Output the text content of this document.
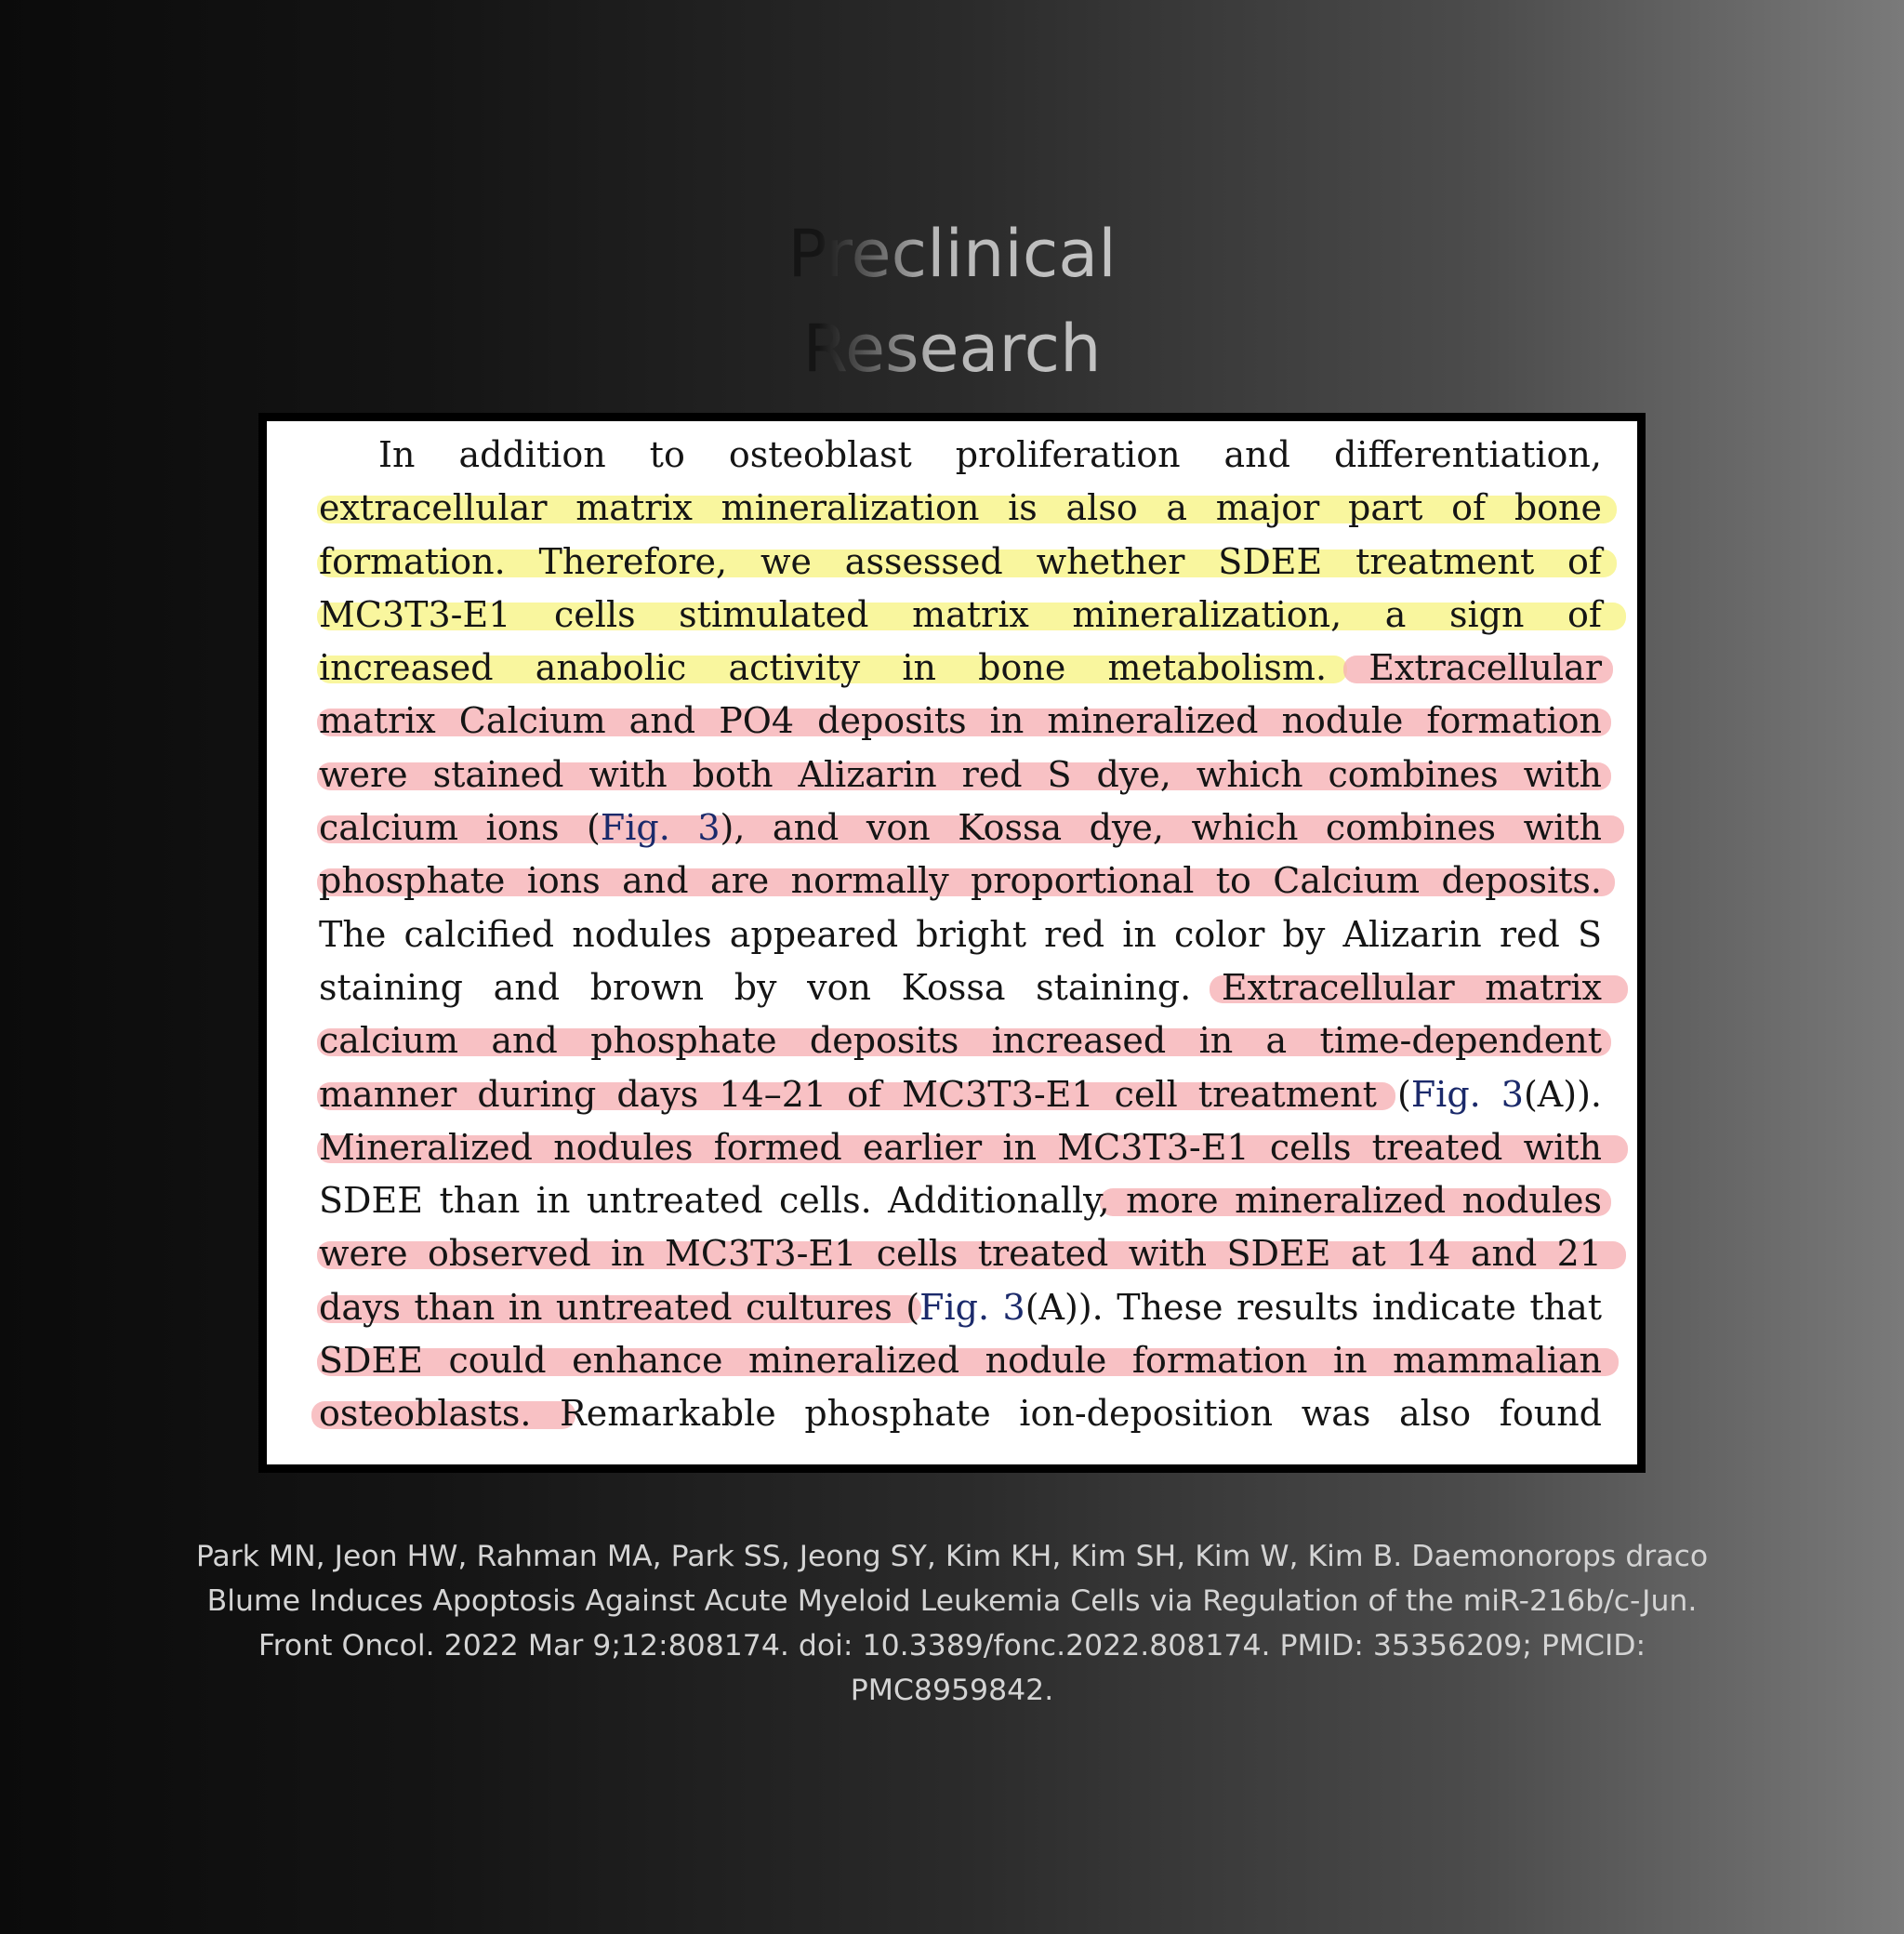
Preclinical
Research
In addition to osteoblast proliferation and differentiation,
extracellular matrix mineralization is also a major part of bone
formation. Therefore, we assessed whether SDEE treatment of
MC3T3-E1 cells stimulated matrix mineralization, a sign of
increased anabolic activity in bone metabolism. Extracellular
matrix Calcium and PO4 deposits in mineralized nodule formation
were stained with both Alizarin red S dye, which combines with
calcium ions (Fig. 3), and von Kossa dye, which combines with
phosphate ions and are normally proportional to Calcium deposits.
The calcified nodules appeared bright red in color by Alizarin red S
staining and brown by von Kossa staining. Extracellular matrix
calcium and phosphate deposits increased in a time-dependent
manner during days 14–21 of MC3T3-E1 cell treatment (Fig. 3(A)).
Mineralized nodules formed earlier in MC3T3-E1 cells treated with
SDEE than in untreated cells. Additionally, more mineralized nodules
were observed in MC3T3-E1 cells treated with SDEE at 14 and 21
days than in untreated cultures (Fig. 3(A)). These results indicate that
SDEE could enhance mineralized nodule formation in mammalian
osteoblasts. Remarkable phosphate ion-deposition was also found

Park MN, Jeon HW, Rahman MA, Park SS, Jeong SY, Kim KH, Kim SH, Kim W, Kim B. Daemonorops draco
Blume Induces Apoptosis Against Acute Myeloid Leukemia Cells via Regulation of the miR-216b/c-Jun.
Front Oncol. 2022 Mar 9;12:808174. doi: 10.3389/fonc.2022.808174. PMID: 35356209; PMCID:
PMC8959842.
